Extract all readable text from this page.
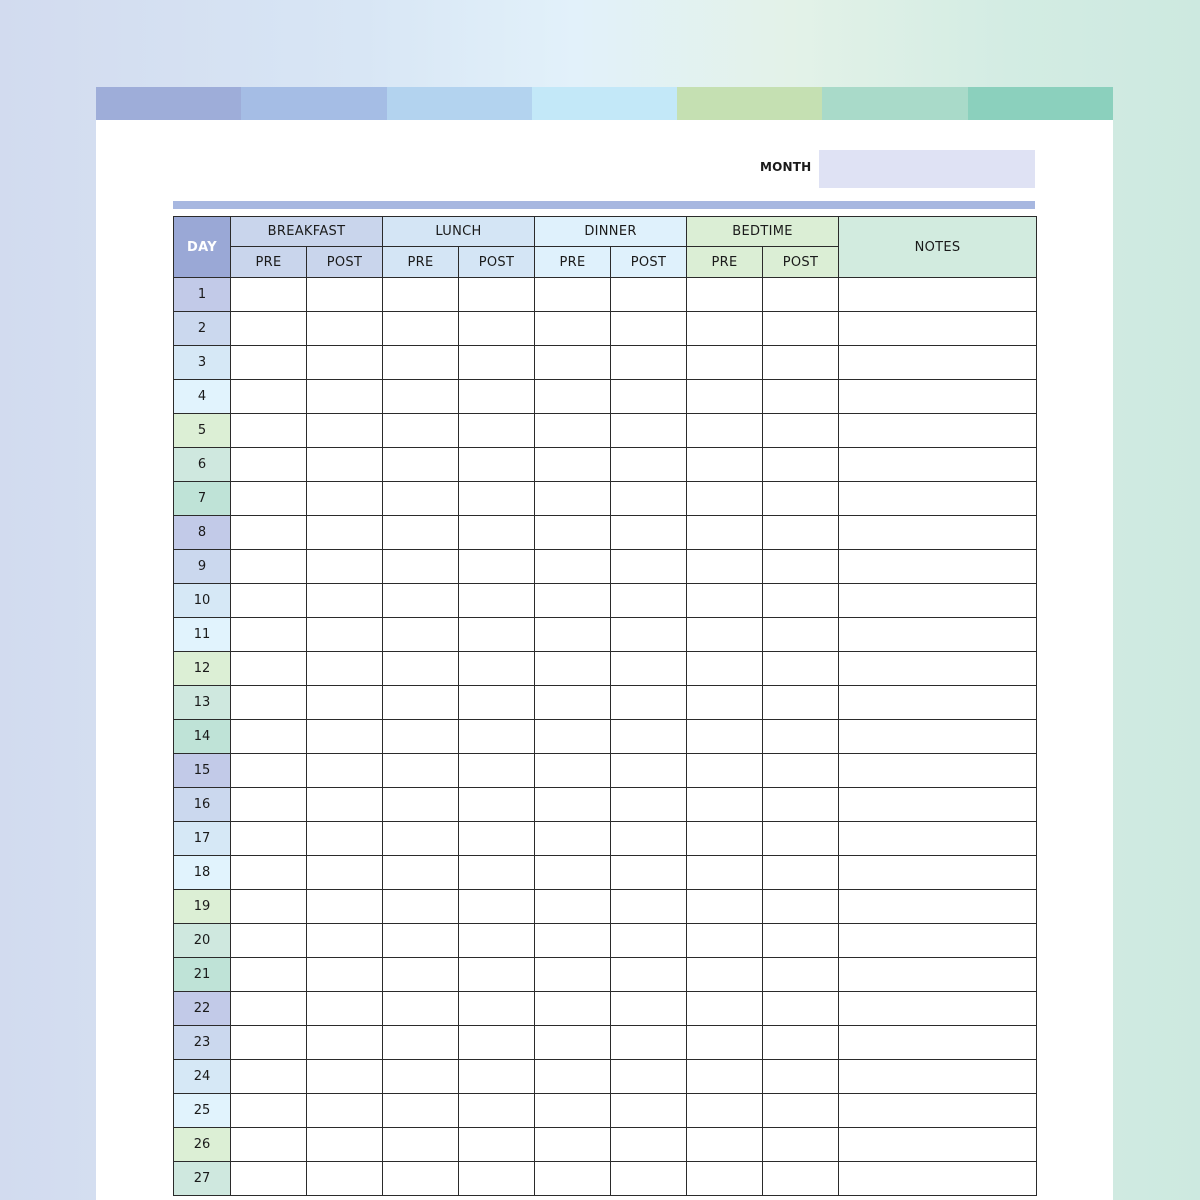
MONTH
DAY	BREAKFAST		LUNCH		DINNER		BEDTIME		NOTES
	PRE	POST	PRE	POST	PRE	POST	PRE	POST	
1									
2									
3									
4									
5									
6									
7									
8									
9									
10									
11									
12									
13									
14									
15									
16									
17									
18									
19									
20									
21									
22									
23									
24									
25									
26									
27									
